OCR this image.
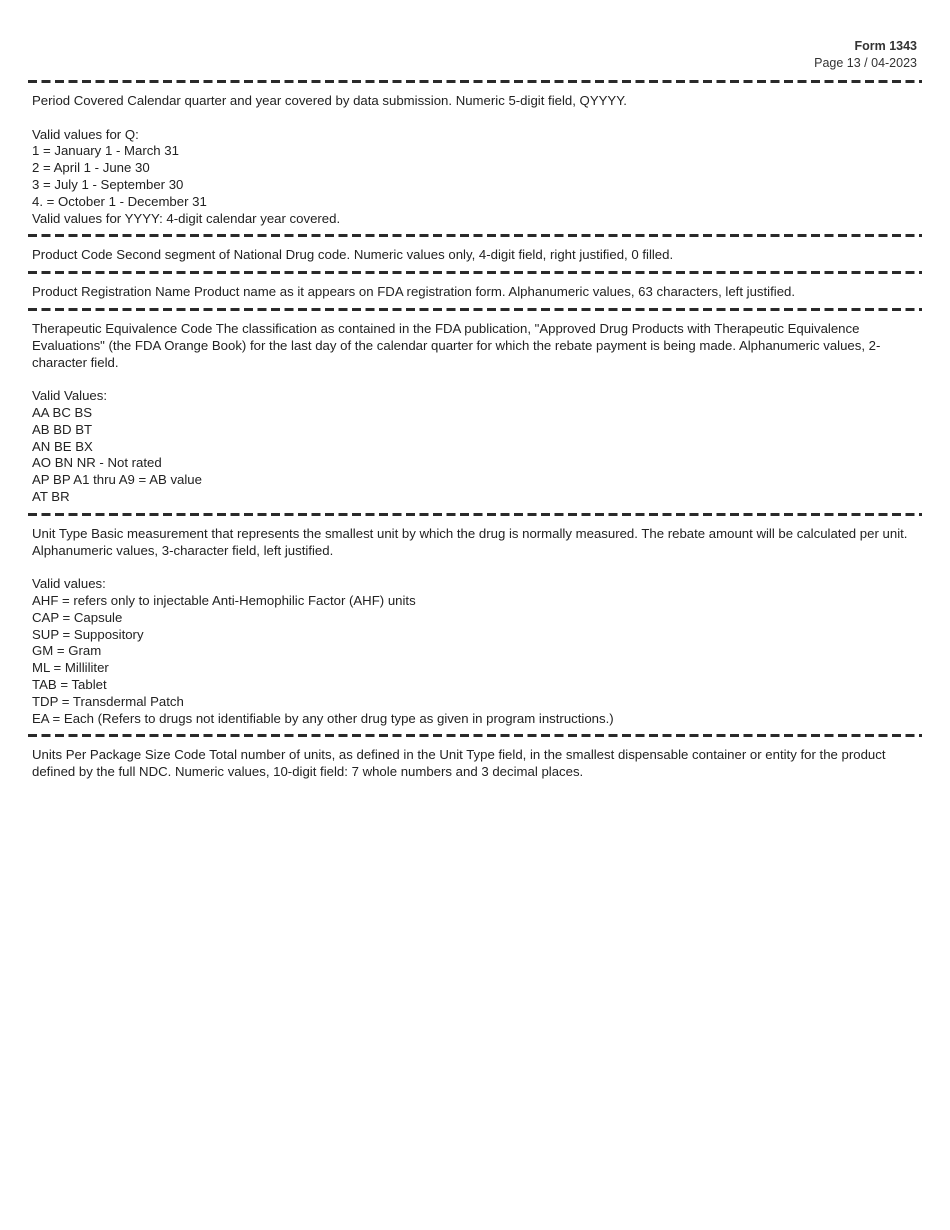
Form 1343
Page 13 / 04-2023
Period Covered Calendar quarter and year covered by data submission. Numeric 5-digit field, QYYYY.
Valid values for Q:
1 = January 1 - March 31
2 = April 1 - June 30
3 = July 1 - September 30
4. = October 1 - December 31
Valid values for YYYY: 4-digit calendar year covered.
Product Code Second segment of National Drug code. Numeric values only, 4-digit field, right justified, 0 filled.
Product Registration Name Product name as it appears on FDA registration form. Alphanumeric values, 63 characters, left justified.
Therapeutic Equivalence Code The classification as contained in the FDA publication, "Approved Drug Products with Therapeutic Equivalence Evaluations" (the FDA Orange Book) for the last day of the calendar quarter for which the rebate payment is being made. Alphanumeric values, 2-character field.
Valid Values:
AA BC BS
AB BD BT
AN BE BX
AO BN NR - Not rated
AP BP A1 thru A9 = AB value
AT BR
Unit Type Basic measurement that represents the smallest unit by which the drug is normally measured. The rebate amount will be calculated per unit. Alphanumeric values, 3-character field, left justified.
Valid values:
AHF = refers only to injectable Anti-Hemophilic Factor (AHF) units
CAP = Capsule
SUP = Suppository
GM = Gram
ML = Milliliter
TAB = Tablet
TDP = Transdermal Patch
EA = Each (Refers to drugs not identifiable by any other drug type as given in program instructions.)
Units Per Package Size Code Total number of units, as defined in the Unit Type field, in the smallest dispensable container or entity for the product defined by the full NDC. Numeric values, 10-digit field: 7 whole numbers and 3 decimal places.
